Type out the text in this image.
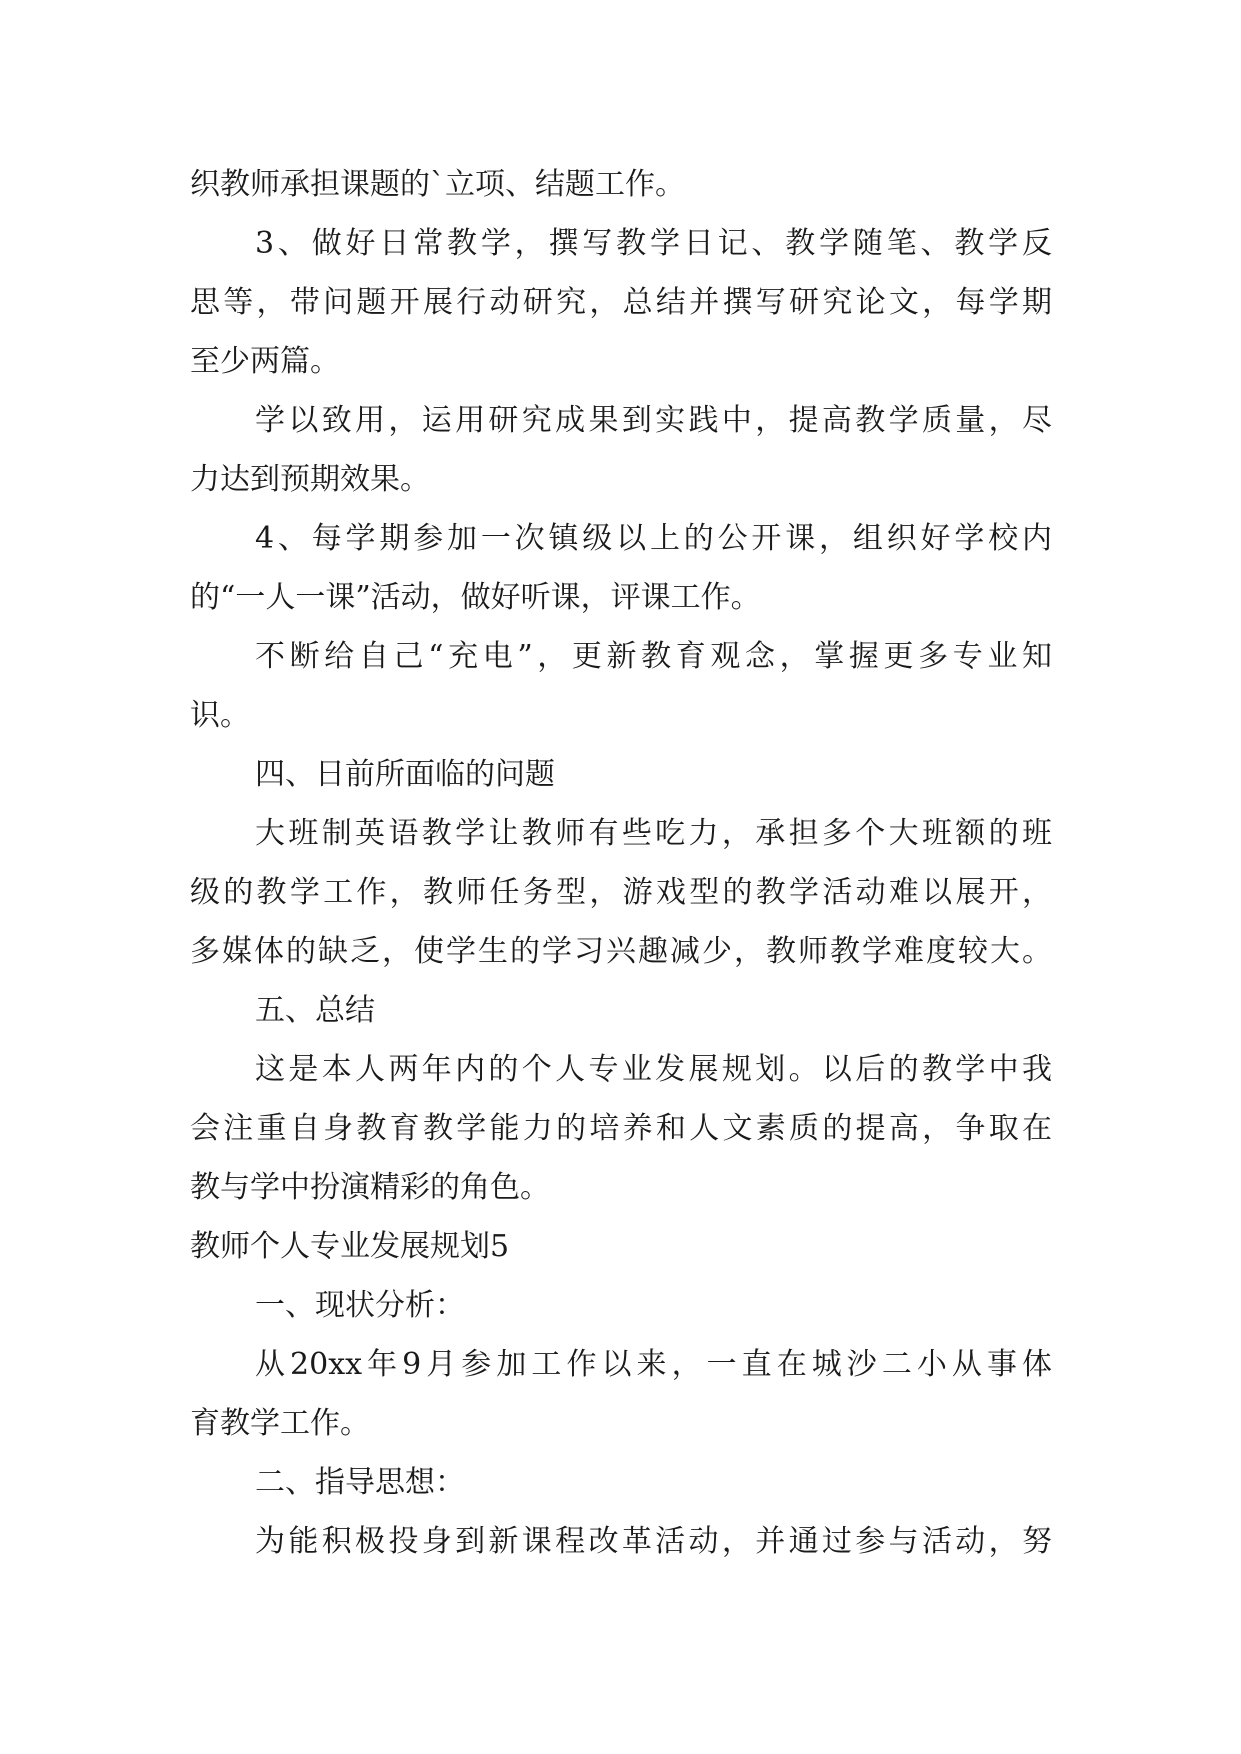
织教师承担课题的`立项、结题工作。
3、做好日常教学，撰写教学日记、教学随笔、教学反
思等，带问题开展行动研究，总结并撰写研究论文，每学期
至少两篇。
学以致用，运用研究成果到实践中，提高教学质量，尽
力达到预期效果。
4、每学期参加一次镇级以上的公开课，组织好学校内
的“一人一课”活动，做好听课，评课工作。
不断给自己“充电”，更新教育观念，掌握更多专业知
识。
四、日前所面临的问题
大班制英语教学让教师有些吃力，承担多个大班额的班
级的教学工作，教师任务型，游戏型的教学活动难以展开，
多媒体的缺乏，使学生的学习兴趣减少，教师教学难度较大。
五、总结
这是本人两年内的个人专业发展规划。以后的教学中我
会注重自身教育教学能力的培养和人文素质的提高，争取在
教与学中扮演精彩的角色。
教师个人专业发展规划5
一、现状分析：
从20xx年9月参加工作以来，一直在城沙二小从事体
育教学工作。
二、指导思想：
为能积极投身到新课程改革活动，并通过参与活动，努
